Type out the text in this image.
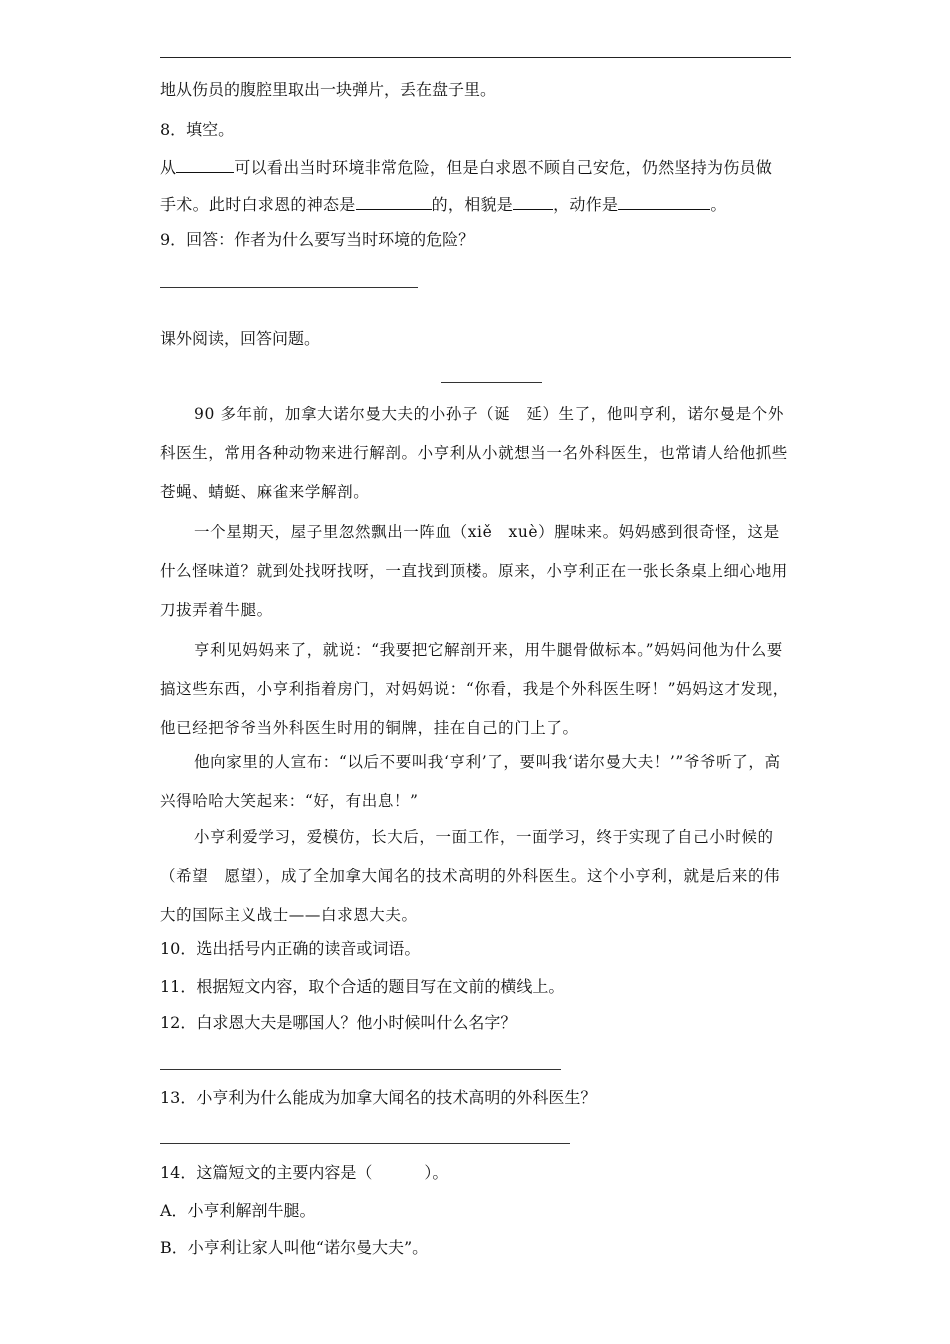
地从伤员的腹腔里取出一块弹片，丢在盘子里。
8．填空。
从	可以看出当时环境非常危险，但是白求恩不顾自己安危，仍然坚持为伤员做
手术。此时白求恩的神态是	的，相貌是	，动作是	。
9．回答：作者为什么要写当时环境的危险？
课外阅读，回答问题。
90 多年前，加拿大诺尔曼大夫的小孙子（诞　延）生了，他叫亨利，诺尔曼是个外科医生，常用各种动物来进行解剖。小亨利从小就想当一名外科医生，也常请人给他抓些苍蝇、蜻蜓、麻雀来学解剖。
一个星期天，屋子里忽然飘出一阵血（xiě　xuè）腥味来。妈妈感到很奇怪，这是什么怪味道？就到处找呀找呀，一直找到顶楼。原来，小亨利正在一张长条桌上细心地用刀拔弄着牛腿。
亨利见妈妈来了，就说：“我要把它解剖开来，用牛腿骨做标本。”妈妈问他为什么要搞这些东西，小亨利指着房门，对妈妈说：“你看，我是个外科医生呀！”妈妈这才发现，他已经把爷爷当外科医生时用的铜牌，挂在自己的门上了。
他向家里的人宣布：“以后不要叫我‘亨利’了，要叫我‘诺尔曼大夫！’”爷爷听了，高兴得哈哈大笑起来：“好，有出息！”
小亨利爱学习，爱模仿，长大后，一面工作，一面学习，终于实现了自己小时候的（希望　愿望），成了全加拿大闻名的技术高明的外科医生。这个小亨利，就是后来的伟大的国际主义战士——白求恩大夫。
10．选出括号内正确的读音或词语。
11．根据短文内容，取个合适的题目写在文前的横线上。
12．白求恩大夫是哪国人？他小时候叫什么名字？
13．小亨利为什么能成为加拿大闻名的技术高明的外科医生？
14．这篇短文的主要内容是（	）。
A．小亨利解剖牛腿。
B．小亨利让家人叫他“诺尔曼大夫”。
